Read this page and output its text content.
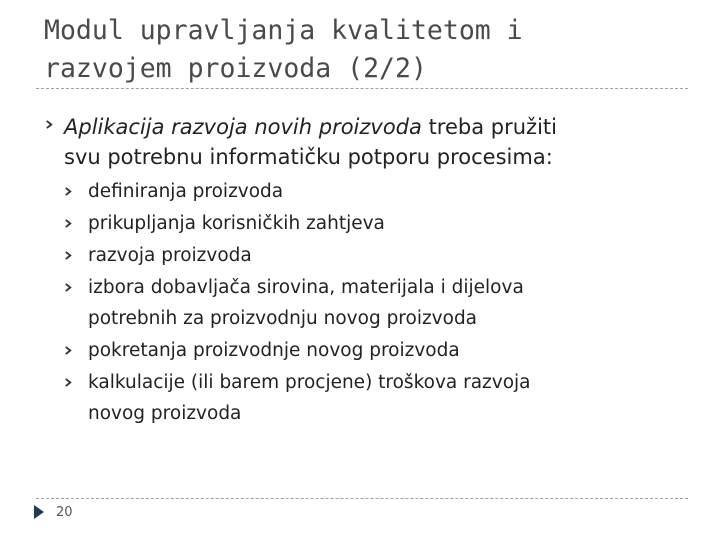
Modul upravljanja kvalitetom i
razvojem proizvoda (2/2)
Aplikacija razvoja novih proizvoda treba pružiti
svu potrebnu informatičku potporu procesima:
definiranja proizvoda
prikupljanja korisničkih zahtjeva
razvoja proizvoda
izbora dobavljača sirovina, materijala i dijelova
potrebnih za proizvodnju novog proizvoda
pokretanja proizvodnje novog proizvoda
kalkulacije (ili barem procjene) troškova razvoja
novog proizvoda
20
